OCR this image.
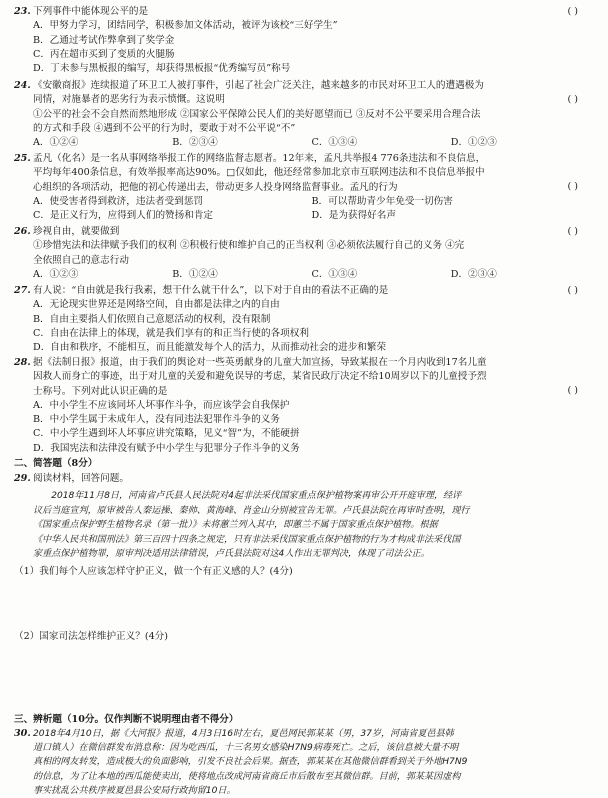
23. 下列事件中能体现公平的是	( )
A．甲努力学习，团结同学，积极参加文体活动，被评为该校“三好学生”
B．乙通过考试作弊拿到了奖学金
C．丙在超市买到了变质的火腿肠
D．丁未参与黑板报的编写，却获得黑板报“优秀编写员”称号
24. 《安徽商报》连续报道了环卫工人被打事件，引起了社会广泛关注，越来越多的市民对环卫工人的遭遇极为
同情，对施暴者的恶劣行为表示愤慨。这说明	( )
①公平的社会不会自然而然地形成 ②国家公平保障公民人们的美好愿望而已 ③反对不公平要采用合理合法
的方式和手段 ④遇到不公平的行为时，要敢于对不公平说“不”
A．①②④	B．②③④	C．①③④	D．①②③
25. 孟凡（化名）是一名从事网络举报工作的网络监督志愿者。12年来，孟凡共举报4 776条违法和不良信息，
平均每年400条信息，有效举报率高达90%。□仅如此，他还经常参加北京市互联网违法和不良信息举报中
心组织的各项活动，把他的初心传递出去，带动更多人投身网络监督事业。孟凡的行为	( )
A．使受害者得到救济，违法者受到惩罚	B．可以帮助青少年免受一切伤害
C．是正义行为，应得到人们的赞扬和肯定	D．是为获得好名声
26. 珍视自由，就要做到	( )
①珍惜宪法和法律赋予我们的权利 ②积极行使和维护自己的正当权利 ③必须依法履行自己的义务 ④完
全依照自己的意志行动
A．①②③	B．①②④	C．①③④	D．②③④
27. 有人说：“自由就是我行我素，想干什么就干什么”，以下对于自由的看法不正确的是	( )
A．无论现实世界还是网络空间，自由都是法律之内的自由
B．自由主要指人们依照自己意愿活动的权利，没有限制
C．自由在法律上的体现，就是我们享有的和正当行使的各项权利
D．自由和秩序，不能相互，而且能激发每个人的活力，从而推动社会的进步和繁荣
28. 据《法制日报》报道，由于我们的舆论对一些英勇献身的儿童大加宣扬，导致某报在一个月内收到17名儿童
因救人而身亡的事迹，出于对儿童的关爱和避免误导的考虑，某省民政厅决定不给10周岁以下的儿童授予烈
士称号。下列对此认识正确的是	( )
A．中小学生不应该同坏人坏事作斗争，而应该学会自我保护
B．中小学生属于未成年人，没有同违法犯罪作斗争的义务
C．中小学生遇到坏人坏事应讲究策略，见义“智”为，不能硬拼
D．我国宪法和法律没有赋予中小学生与犯罪分子作斗争的义务
二、简答题（8分）
29. 阅读材料，回答问题。
2018年11月8日，河南省卢氏县人民法院对4起非法采伐国家重点保护植物案再审公开开庭审理，经评
议后当庭宣判，原审被告人秦运操、秦帅、黄海峰、肖金山分别被宣告无罪。卢氏县法院在再审时查明，现行
《国家重点保护野生植物名录（第一批）》未将蕙兰列入其中，即蕙兰不属于国家重点保护植物。根据
《中华人民共和国刑法》第三百四十四条之规定，只有非法采伐国家重点保护植物的行为才构成非法采伐国
家重点保护植物罪，原审判决适用法律错误，卢氏县法院对这4人作出无罪判决，体现了司法公正。
（1）我们每个人应该怎样守护正义，做一个有正义感的人？(4分)
（2）国家司法怎样维护正义？(4分)
三、辨析题（10分。仅作判断不说明理由者不得分）
30. 2018年4月10日，据《大河报》报道，4月3日16时左右，夏邑网民郭某某（男，37岁，河南省夏邑县韩
道口镇人）在微信群发布消息称：因为吃西瓜，十三名男女感染H7N9病毒死亡。之后，该信息被大量不明
真相的网友转发，造成极大的负面影响，引发不良社会后果。据查，郭某某在其他微信群看到关于外地H7N9
的信息，为了让本地的西瓜能使卖出，使将地点改成河南省商丘市后散布至其微信群。目前，郭某某因虚构
事实扰乱公共秩序被夏邑县公安局行政拘留10日。
